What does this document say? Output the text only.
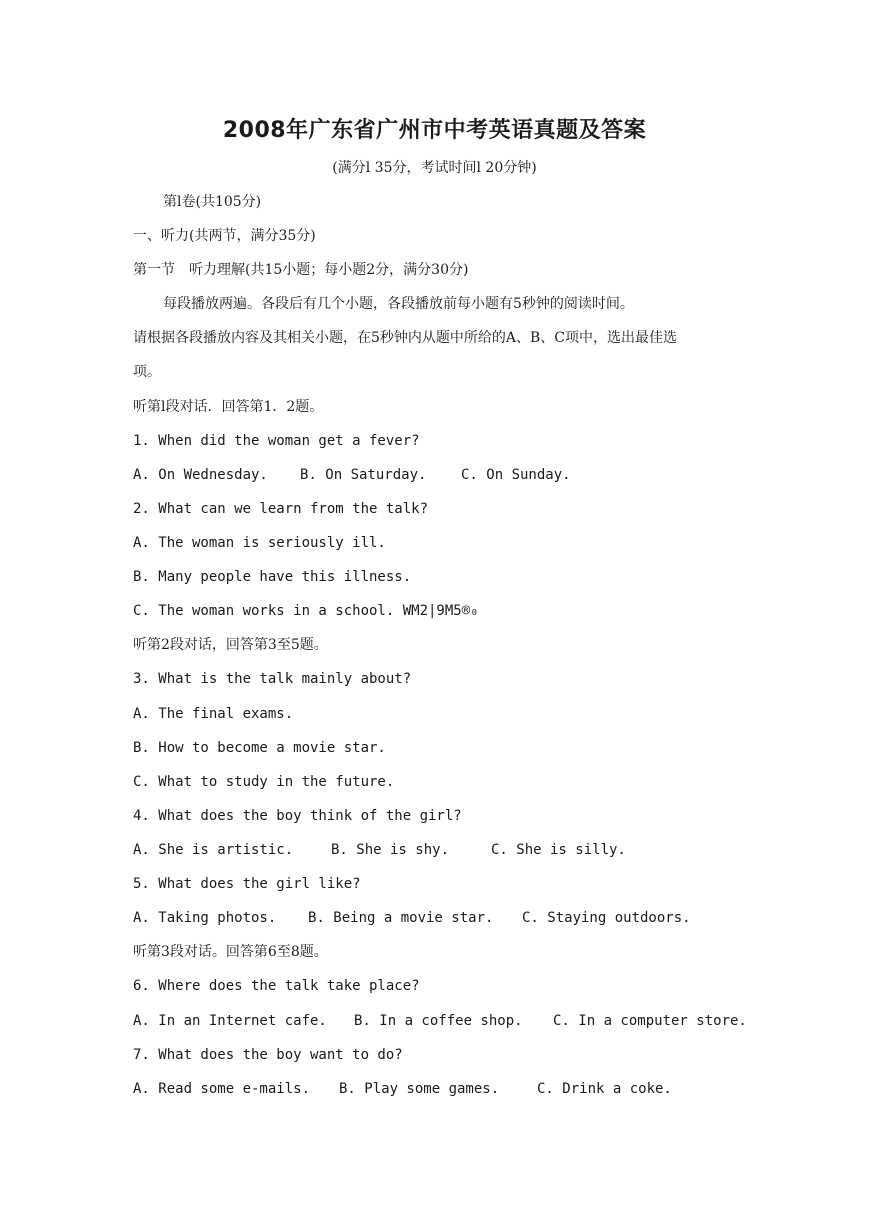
2008年广东省广州市中考英语真题及答案
(满分l 35分，考试时间l 20分钟)
第l卷(共105分)
一、听力(共两节，满分35分)
第一节　听力理解(共15小题；每小题2分，满分30分)
每段播放两遍。各段后有几个小题，各段播放前每小题有5秒钟的阅读时间。
请根据各段播放内容及其相关小题，在5秒钟内从题中所给的A、B、C项中，选出最佳选
项。
听第l段对话．回答第1．2题。
1. When did the woman get a fever?
A. On Wednesday. B. On Saturday. C. On Sunday.
2. What can we learn from the talk?
A. The woman is seriously ill.
B. Many people have this illness.
C. The woman works in a school. WM2|9M5®₀
听第2段对话，回答第3至5题。
3. What is the talk mainly about?
A. The final exams.
B. How to become a movie star.
C. What to study in the future.
4. What does the boy think of the girl?
A. She is artistic.	B. She is shy.	C. She is silly.
5. What does the girl like?
A. Taking photos. B. Being a movie star. C. Staying outdoors.
听第3段对话。回答第6至8题。
6. Where does the talk take place?
A. In an Internet cafe. B. In a coffee shop. C. In a computer store.
7. What does the boy want to do?
A. Read some e-mails. B. Play some games.	C. Drink a coke.
